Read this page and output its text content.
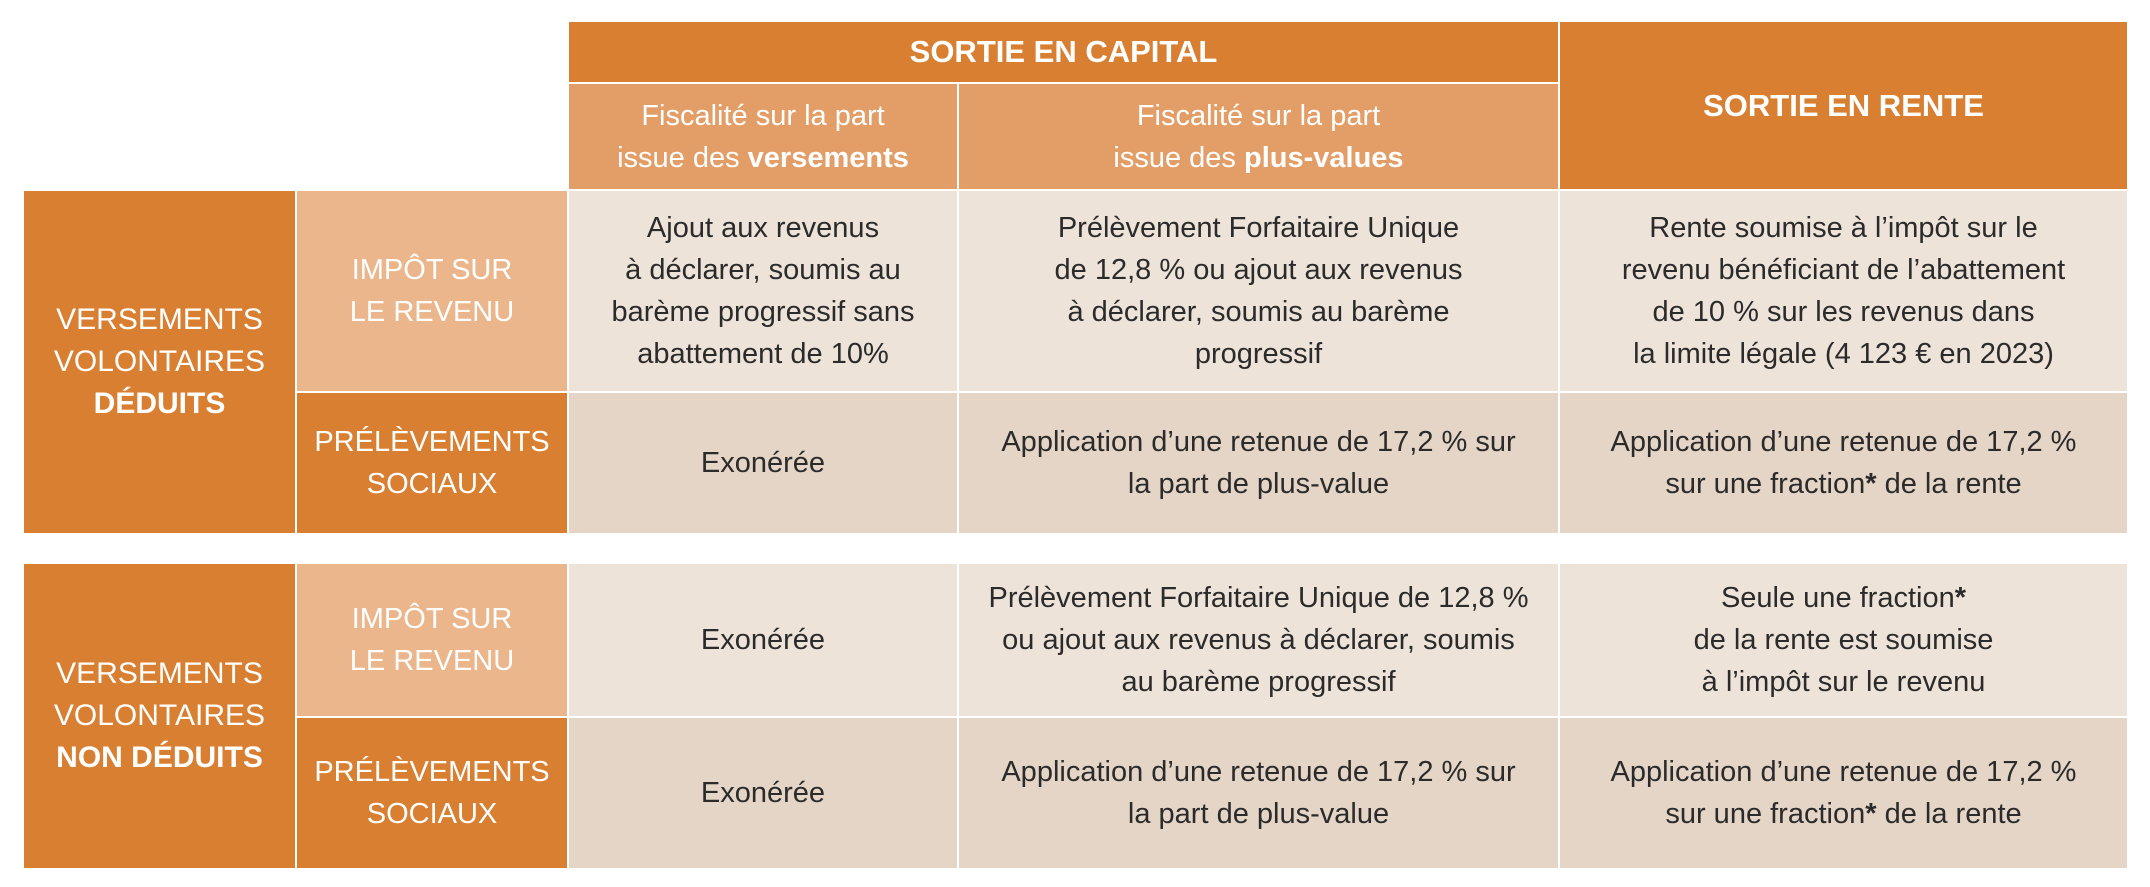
SORTIE EN CAPITAL
SORTIE EN RENTE
Fiscalité sur la part
issue des versements
Fiscalité sur la part
issue des plus-values
VERSEMENTS
VOLONTAIRES
DÉDUITS
IMPÔT SUR
LE REVENU
PRÉLÈVEMENTS
SOCIAUX
Ajout aux revenus
à déclarer, soumis au
barème progressif sans
abattement de 10%
Prélèvement Forfaitaire Unique
de 12,8 % ou ajout aux revenus
à déclarer, soumis au barème
progressif
Rente soumise à l’impôt sur le
revenu bénéficiant de l’abattement
de 10 % sur les revenus dans
la limite légale (4 123 € en 2023)
Exonérée
Application d’une retenue de 17,2 % sur
la part de plus-value
Application d’une retenue de 17,2 %
sur une fraction* de la rente
VERSEMENTS
VOLONTAIRES
NON DÉDUITS
IMPÔT SUR
LE REVENU
PRÉLÈVEMENTS
SOCIAUX
Exonérée
Prélèvement Forfaitaire Unique de 12,8 %
ou ajout aux revenus à déclarer, soumis
au barème progressif
Seule une fraction*
de la rente est soumise
à l’impôt sur le revenu
Exonérée
Application d’une retenue de 17,2 % sur
la part de plus-value
Application d’une retenue de 17,2 %
sur une fraction* de la rente
